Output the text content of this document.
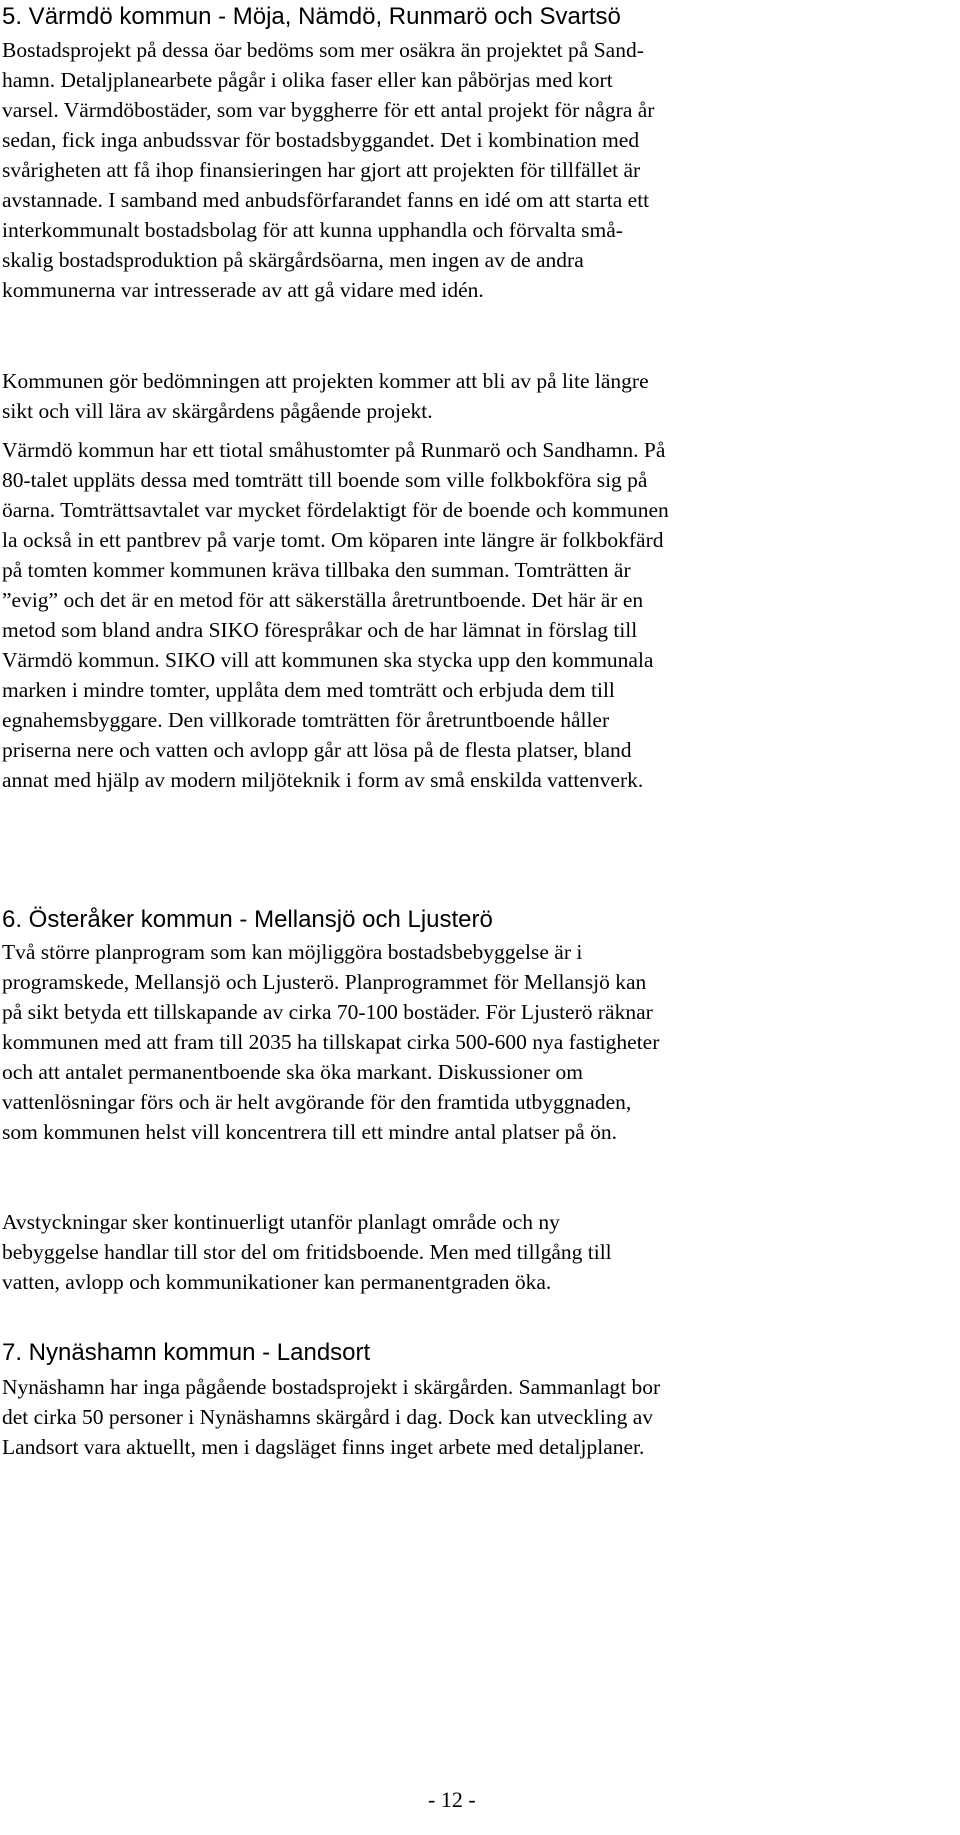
5. Värmdö kommun - Möja, Nämdö, Runmarö och Svartsö
Bostadsprojekt på dessa öar bedöms som mer osäkra än projektet på Sand-
hamn. Detaljplanearbete pågår i olika faser eller kan påbörjas med kort
varsel. Värmdöbostäder, som var byggherre för ett antal projekt för några år
sedan, fick inga anbudssvar för bostadsbyggandet. Det i kombination med
svårigheten att få ihop finansieringen har gjort att projekten för tillfället är
avstannade. I samband med anbudsförfarandet fanns en idé om att starta ett
interkommunalt bostadsbolag för att kunna upphandla och förvalta små-
skalig bostadsproduktion på skärgårdsöarna, men ingen av de andra
kommunerna var intresserade av att gå vidare med idén.
Kommunen gör bedömningen att projekten kommer att bli av på lite längre
sikt och vill lära av skärgårdens pågående projekt.
Värmdö kommun har ett tiotal småhustomter på Runmarö och Sandhamn. På
80-talet uppläts dessa med tomträtt till boende som ville folkbokföra sig på
öarna. Tomträttsavtalet var mycket fördelaktigt för de boende och kommunen
la också in ett pantbrev på varje tomt. Om köparen inte längre är folkbokfärd
på tomten kommer kommunen kräva tillbaka den summan. Tomträtten är
”evig” och det är en metod för att säkerställa åretruntboende. Det här är en
metod som bland andra SIKO förespråkar och de har lämnat in förslag till
Värmdö kommun. SIKO vill att kommunen ska stycka upp den kommunala
marken i mindre tomter, upplåta dem med tomträtt och erbjuda dem till
egnahemsbyggare. Den villkorade tomträtten för åretruntboende håller
priserna nere och vatten och avlopp går att lösa på de flesta platser, bland
annat med hjälp av modern miljöteknik i form av små enskilda vattenverk.
6. Österåker kommun - Mellansjö och Ljusterö
Två större planprogram som kan möjliggöra bostadsbebyggelse är i
programskede, Mellansjö och Ljusterö. Planprogrammet för Mellansjö kan
på sikt betyda ett tillskapande av cirka 70-100 bostäder. För Ljusterö räknar
kommunen med att fram till 2035 ha tillskapat cirka 500-600 nya fastigheter
och att antalet permanentboende ska öka markant. Diskussioner om
vattenlösningar förs och är helt avgörande för den framtida utbyggnaden,
som kommunen helst vill koncentrera till ett mindre antal platser på ön.
Avstyckningar sker kontinuerligt utanför planlagt område och ny
bebyggelse handlar till stor del om fritidsboende. Men med tillgång till
vatten, avlopp och kommunikationer kan permanentgraden öka.
7. Nynäshamn kommun - Landsort
Nynäshamn har inga pågående bostadsprojekt i skärgården. Sammanlagt bor
det cirka 50 personer i Nynäshamns skärgård i dag. Dock kan utveckling av
Landsort vara aktuellt, men i dagsläget finns inget arbete med detaljplaner.
- 12 -
